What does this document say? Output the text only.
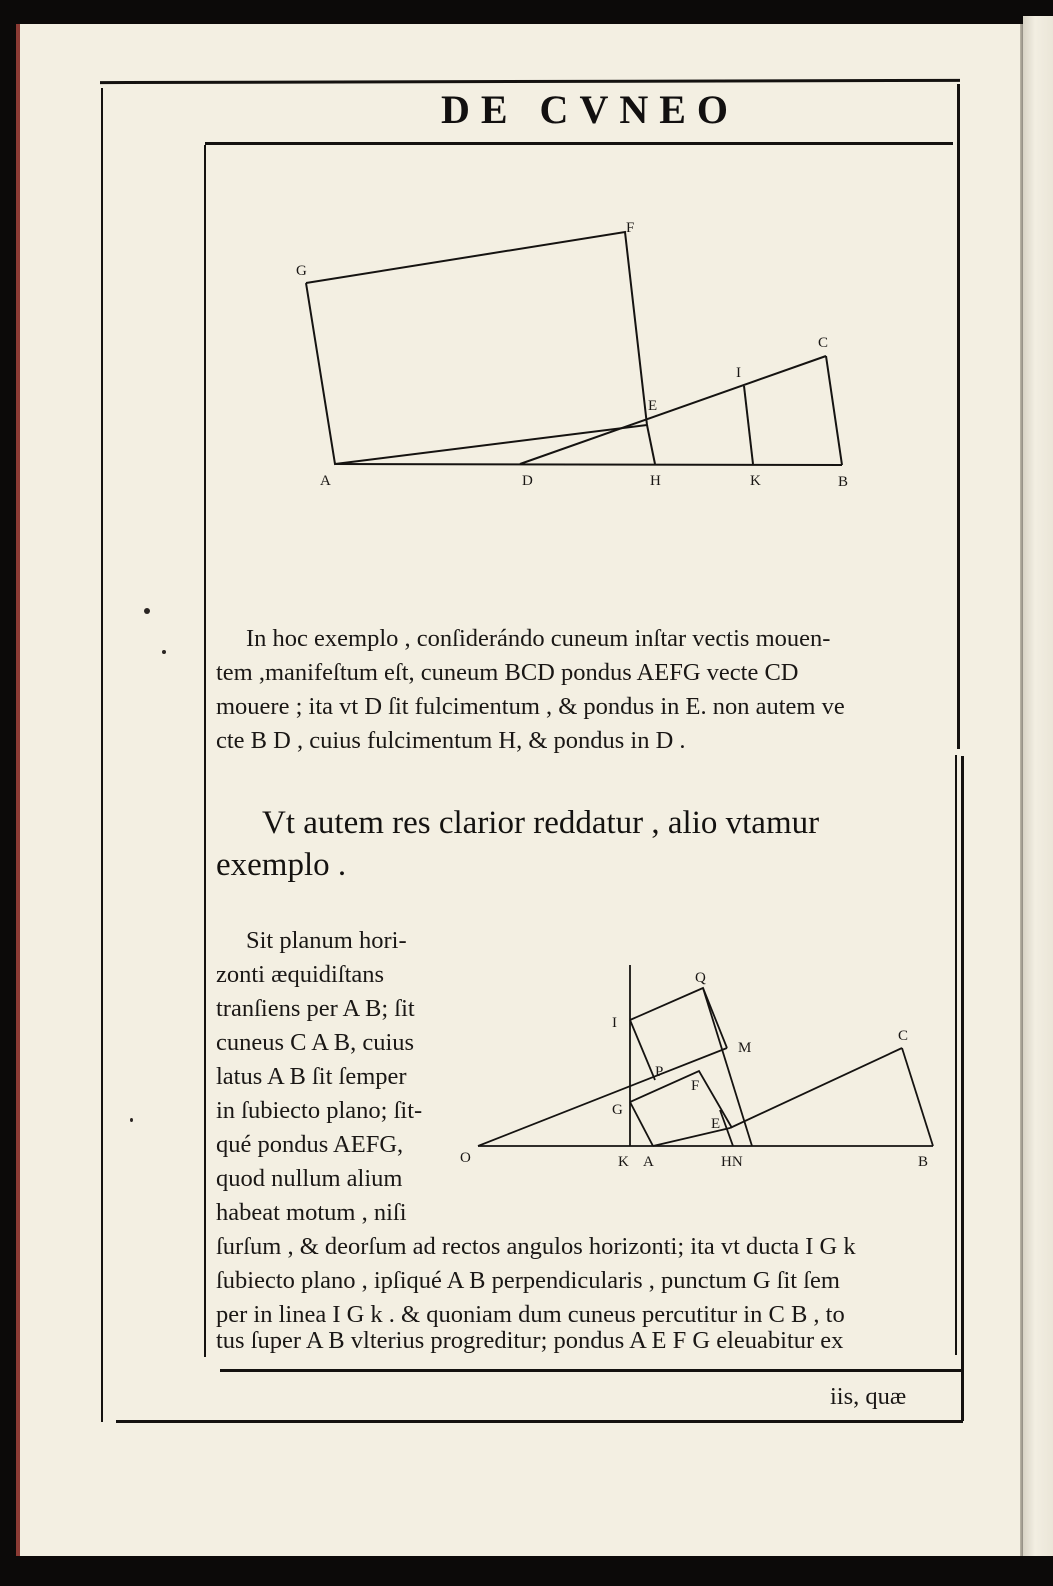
DE CVNEO
G
F
C
I
E
A	D	H	K	B
Q
I
M
C
P
F
G
E
O	K A	HN	B
In hoc exemplo , conſiderándo cuneum inſtar vectis mouen-
tem ,manifeſtum eſt, cuneum BCD pondus AEFG vecte CD
mouere ; ita vt D ſit fulcimentum , & pondus in E. non autem ve
cte B D , cuius fulcimentum H, & pondus in D .
Vt autem res clarior reddatur , alio vtamur
exemplo .
Sit planum hori-
zonti æquidiſtans
tranſiens per A B; ſit
cuneus C A B, cuius
latus A B ſit ſemper
in ſubiecto plano; ſit-
qué pondus AEFG,
quod nullum alium
habeat motum , niſi
ſurſum , & deorſum ad rectos angulos horizonti; ita vt ducta I G k
ſubiecto plano , ipſiqué A B perpendicularis , punctum G ſit ſem
per in linea I G k . & quoniam dum cuneus percutitur in C B , to
tus ſuper A B vlterius progreditur; pondus A E F G eleuabitur ex
iis, quæ
